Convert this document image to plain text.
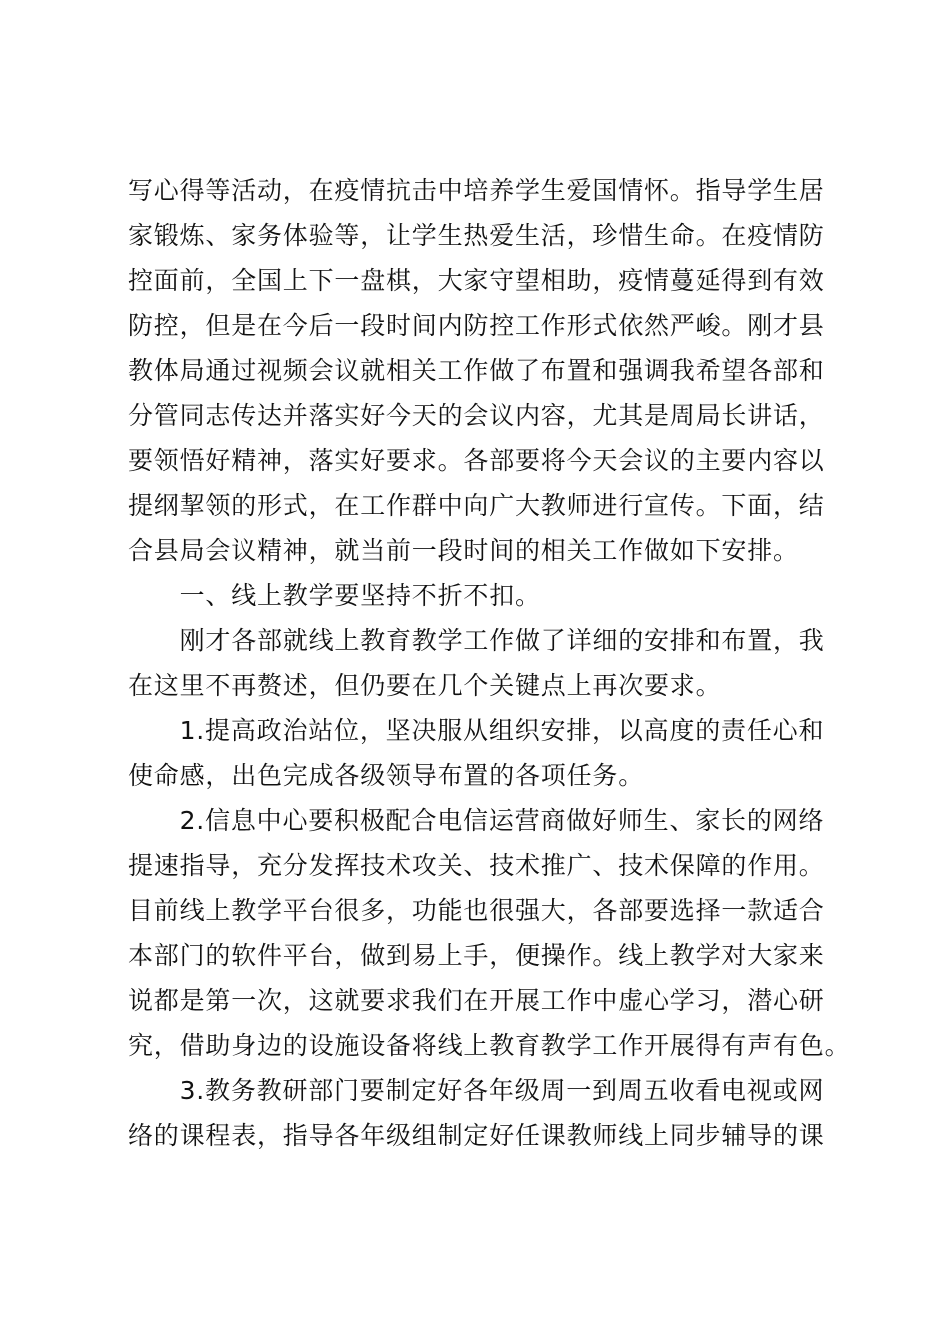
写心得等活动，在疫情抗击中培养学生爱国情怀。指导学生居

家锻炼、家务体验等，让学生热爱生活，珍惜生命。在疫情防

控面前，全国上下一盘棋，大家守望相助，疫情蔓延得到有效

防控，但是在今后一段时间内防控工作形式依然严峻。刚才县

教体局通过视频会议就相关工作做了布置和强调我希望各部和

分管同志传达并落实好今天的会议内容，尤其是周局长讲话，

要领悟好精神，落实好要求。各部要将今天会议的主要内容以

提纲挈领的形式，在工作群中向广大教师进行宣传。下面，结

合县局会议精神，就当前一段时间的相关工作做如下安排。

　　一、线上教学要坚持不折不扣。

　　刚才各部就线上教育教学工作做了详细的安排和布置，我

在这里不再赘述，但仍要在几个关键点上再次要求。

　　1.提高政治站位，坚决服从组织安排，以高度的责任心和

使命感，出色完成各级领导布置的各项任务。

　　2.信息中心要积极配合电信运营商做好师生、家长的网络

提速指导，充分发挥技术攻关、技术推广、技术保障的作用。

目前线上教学平台很多，功能也很强大，各部要选择一款适合

本部门的软件平台，做到易上手，便操作。线上教学对大家来

说都是第一次，这就要求我们在开展工作中虚心学习，潜心研

究，借助身边的设施设备将线上教育教学工作开展得有声有色。

　　3.教务教研部门要制定好各年级周一到周五收看电视或网

络的课程表，指导各年级组制定好任课教师线上同步辅导的课
